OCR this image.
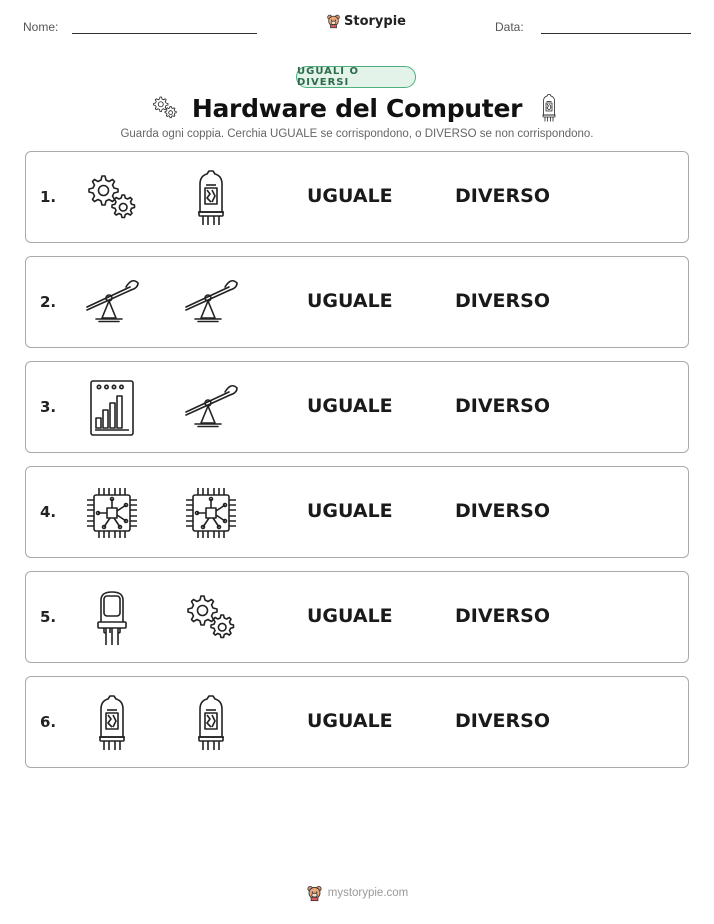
Nome:	Storypie	Data:
UGUALI O DIVERSI
Hardware del Computer
Guarda ogni coppia. Cerchia UGUALE se corrispondono, o DIVERSO se non corrispondono.
1.	UGUALE	DIVERSO
2.	UGUALE	DIVERSO
3.	UGUALE	DIVERSO
4.	UGUALE	DIVERSO
5.	UGUALE	DIVERSO
6.	UGUALE	DIVERSO
mystorypie.com
